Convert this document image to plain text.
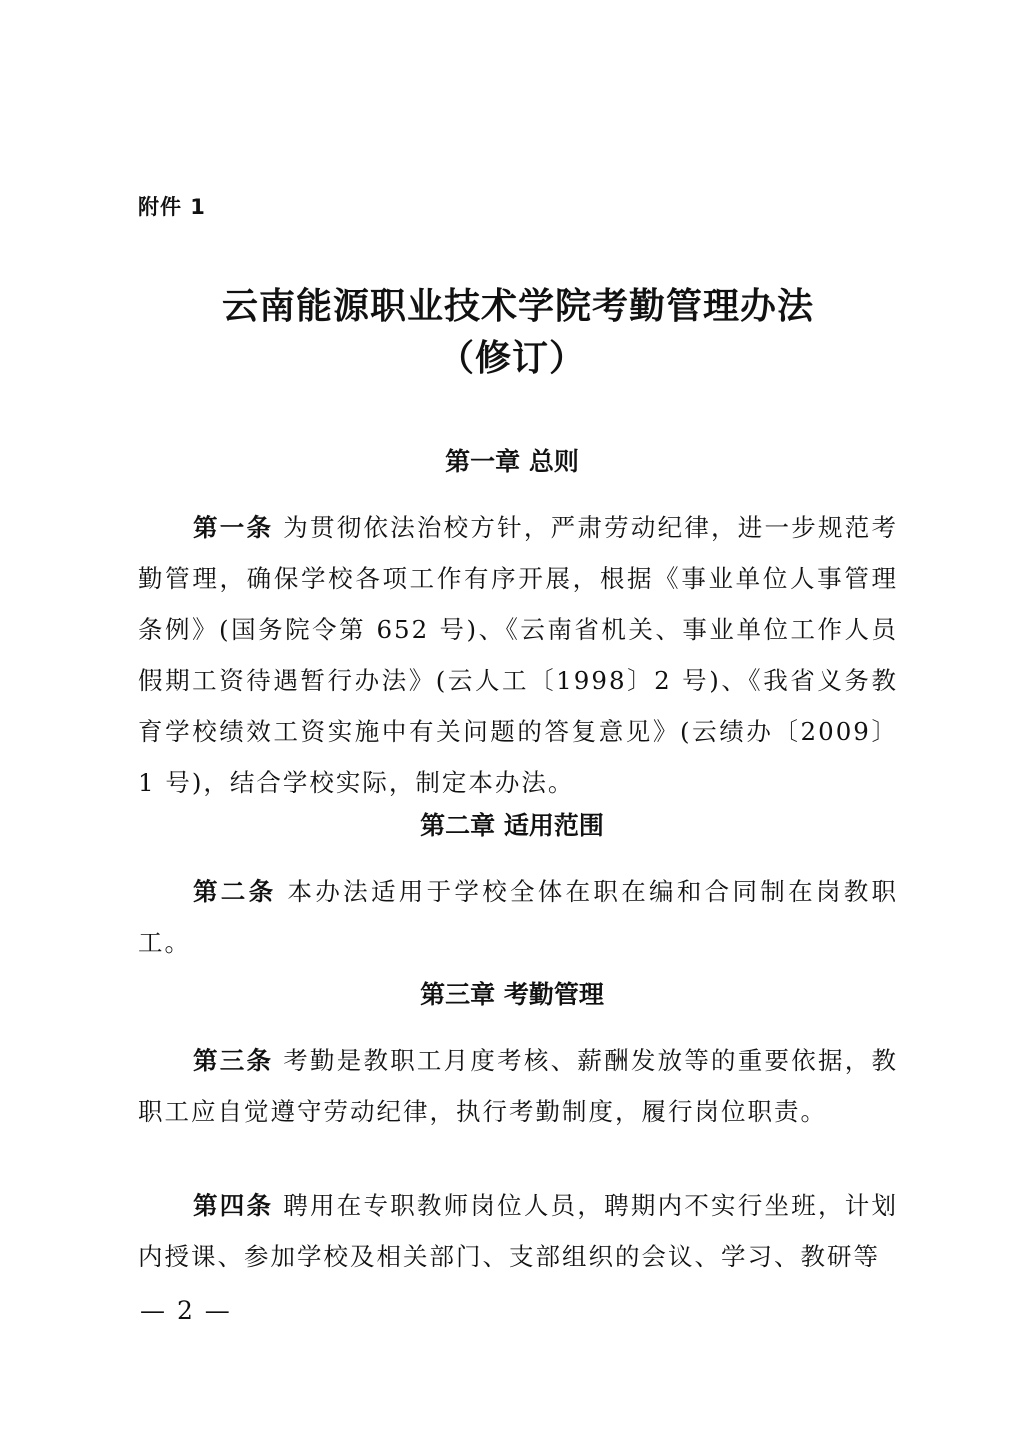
附件 1
云南能源职业技术学院考勤管理办法
（修订）
第一章 总则
第一条 为贯彻依法治校方针，严肃劳动纪律，进一步规范考勤管理，确保学校各项工作有序开展，根据《事业单位人事管理条例》(国务院令第 652 号)、《云南省机关、事业单位工作人员假期工资待遇暂行办法》(云人工〔1998〕2 号)、《我省义务教育学校绩效工资实施中有关问题的答复意见》(云绩办〔2009〕1 号)，结合学校实际，制定本办法。
第二章 适用范围
第二条 本办法适用于学校全体在职在编和合同制在岗教职工。
第三章 考勤管理
第三条 考勤是教职工月度考核、薪酬发放等的重要依据，教职工应自觉遵守劳动纪律，执行考勤制度，履行岗位职责。
第四条 聘用在专职教师岗位人员，聘期内不实行坐班，计划内授课、参加学校及相关部门、支部组织的会议、学习、教研等
— 2 —
